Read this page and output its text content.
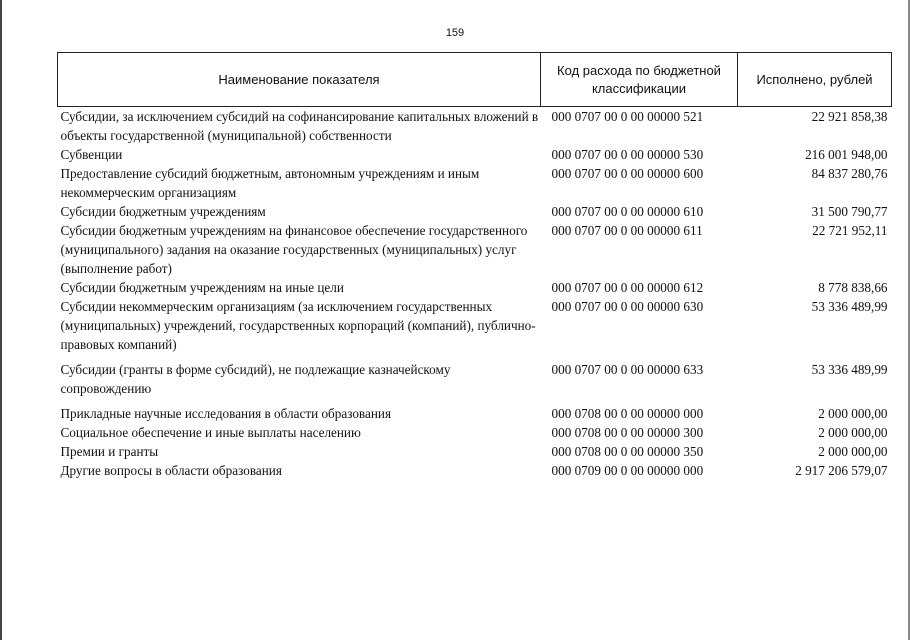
159
Наименование показателя	Код расхода по бюджетной классификации	Исполнено, рублей
Субсидии, за исключением субсидий на софинансирование капитальных вложений в объекты государственной (муниципальной) собственности	000 0707 00 0 00 00000 521	22 921 858,38
Субвенции	000 0707 00 0 00 00000 530	216 001 948,00
Предоставление субсидий бюджетным, автономным учреждениям и иным некоммерческим организациям	000 0707 00 0 00 00000 600	84 837 280,76
Субсидии бюджетным учреждениям	000 0707 00 0 00 00000 610	31 500 790,77
Субсидии бюджетным учреждениям на финансовое обеспечение государственного (муниципального) задания на оказание государственных (муниципальных) услуг (выполнение работ)	000 0707 00 0 00 00000 611	22 721 952,11
Субсидии бюджетным учреждениям на иные цели	000 0707 00 0 00 00000 612	8 778 838,66
Субсидии некоммерческим организациям (за исключением государственных (муниципальных) учреждений, государственных корпораций (компаний), публично-правовых компаний)	000 0707 00 0 00 00000 630	53 336 489,99
Субсидии (гранты в форме субсидий), не подлежащие казначейскому сопровождению	000 0707 00 0 00 00000 633	53 336 489,99
Прикладные научные исследования в области образования	000 0708 00 0 00 00000 000	2 000 000,00
Социальное обеспечение и иные выплаты населению	000 0708 00 0 00 00000 300	2 000 000,00
Премии и гранты	000 0708 00 0 00 00000 350	2 000 000,00
Другие вопросы в области образования	000 0709 00 0 00 00000 000	2 917 206 579,07
